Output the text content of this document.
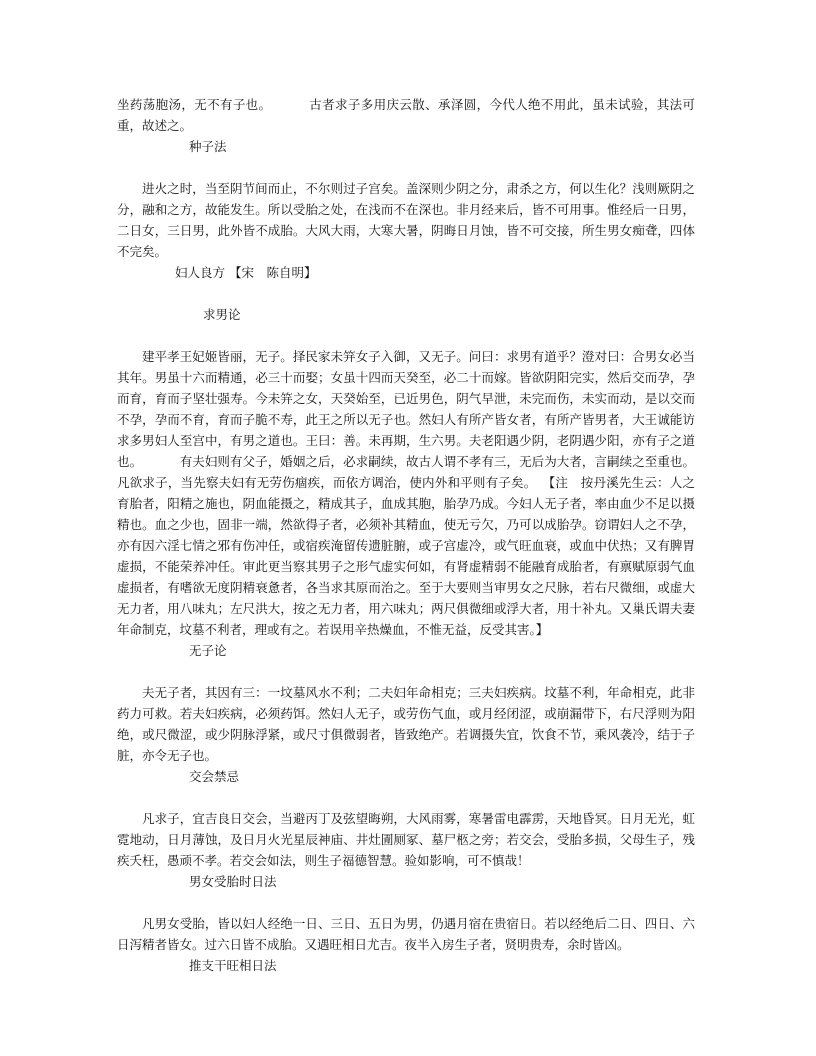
坐药荡胞汤，无不有子也。	古者求子多用庆云散、承泽圆，今代人绝不用此，虽未试验，其法可重，故述之。

种子法

进火之时，当至阴节间而止，不尔则过子宫矣。盖深则少阴之分，肃杀之方，何以生化？浅则厥阴之分，融和之方，故能发生。所以受胎之处，在浅而不在深也。非月经来后，皆不可用事。惟经后一日男，二日女，三日男，此外皆不成胎。大风大雨，大寒大暑，阴晦日月蚀，皆不可交接，所生男女痴聋，四体不完矣。

妇人良方 【宋　陈自明】

求男论

建平孝王妃姬皆丽，无子。择民家未笄女子入御，又无子。问曰：求男有道乎？澄对曰：合男女必当其年。男虽十六而精通，必三十而娶；女虽十四而天癸至，必二十而嫁。皆欲阴阳完实，然后交而孕，孕而育，育而子坚壮强寿。今未笄之女，天癸始至，已近男色，阴气早泄，未完而伤，未实而动，是以交而不孕，孕而不育，育而子脆不寿，此王之所以无子也。然妇人有所产皆女者，有所产皆男者，大王诚能访求多男妇人至宫中，有男之道也。王曰：善。未再期，生六男。夫老阳遇少阴，老阴遇少阳，亦有子之道也。	有夫妇则有父子，婚姻之后，必求嗣续，故古人谓不孝有三，无后为大者，言嗣续之至重也。凡欲求子，当先察夫妇有无劳伤痼疾，而依方调治，使内外和平则有子矣。 【注　按丹溪先生云：人之育胎者，阳精之施也，阴血能摄之，精成其子，血成其胞，胎孕乃成。今妇人无子者，率由血少不足以摄精也。血之少也，固非一端，然欲得子者，必须补其精血，使无亏欠，乃可以成胎孕。窃谓妇人之不孕，亦有因六淫七情之邪有伤冲任，或宿疾淹留传遗脏腑，或子宫虚冷，或气旺血衰，或血中伏热；又有脾胃虚损，不能荣养冲任。审此更当察其男子之形气虚实何如，有肾虚精弱不能融育成胎者，有禀赋原弱气血虚损者，有嗜欲无度阴精衰惫者，各当求其原而治之。至于大要则当审男女之尺脉，若右尺微细，或虚大无力者，用八味丸；左尺洪大，按之无力者，用六味丸；两尺俱微细或浮大者，用十补丸。又巢氏谓夫妻年命制克，坟墓不利者，理或有之。若误用辛热燥血，不惟无益，反受其害。】

无子论

夫无子者，其因有三：一坟墓风水不利；二夫妇年命相克；三夫妇疾病。坟墓不利，年命相克，此非药力可救。若夫妇疾病，必须药饵。然妇人无子，或劳伤气血，或月经闭涩，或崩漏带下，右尺浮则为阳绝，或尺微涩，或少阴脉浮紧，或尺寸俱微弱者，皆致绝产。若调摄失宜，饮食不节，乘风袭冷，结于子脏，亦令无子也。

交会禁忌

凡求子，宜吉良日交会，当避丙丁及弦望晦朔，大风雨雾，寒暑雷电霹雳，天地昏冥。日月无光，虹霓地动，日月薄蚀，及日月火光星辰神庙、井灶圊厕冢、墓尸柩之旁；若交会，受胎多损，父母生子，残疾夭枉，愚顽不孝。若交会如法，则生子福德智慧。验如影响，可不慎哉！

男女受胎时日法

凡男女受胎，皆以妇人经绝一日、三日、五日为男，仍遇月宿在贵宿日。若以经绝后二日、四日、六日泻精者皆女。过六日皆不成胎。又遇旺相日尤吉。夜半入房生子者，贤明贵寿，余时皆凶。

推支干旺相日法
